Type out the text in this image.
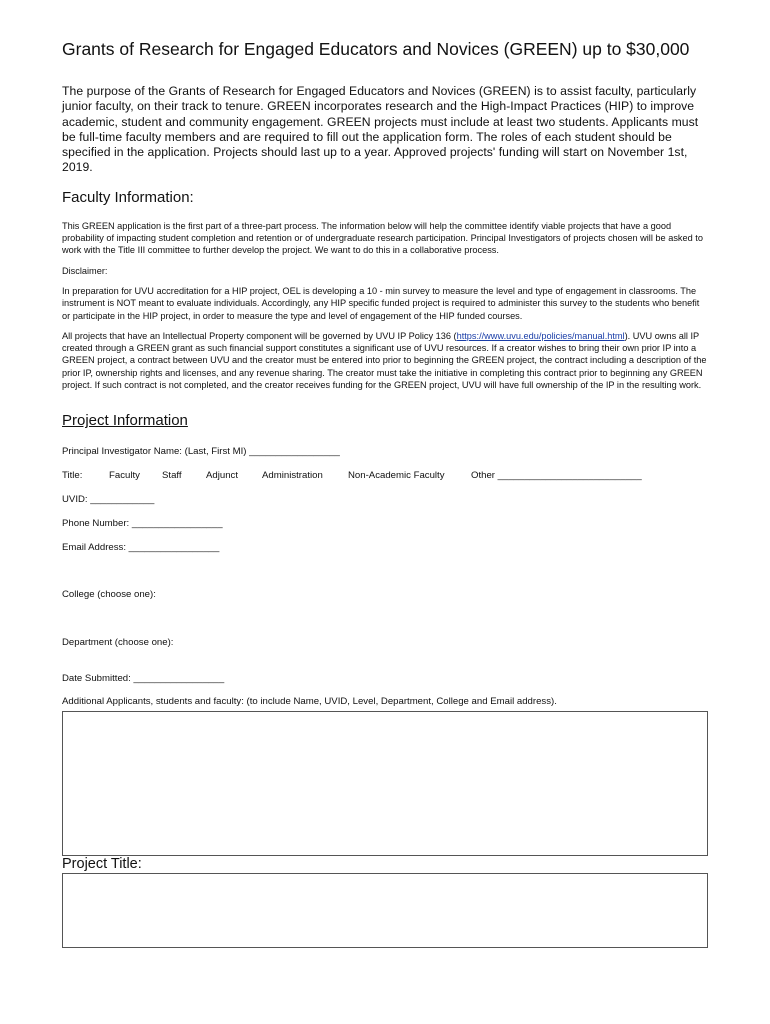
Grants of Research for Engaged Educators and Novices (GREEN) up to $30,000

The purpose of the Grants of Research for Engaged Educators and Novices (GREEN) is to assist faculty, particularly junior faculty, on their track to tenure. GREEN incorporates research and the High-Impact Practices (HIP) to improve academic, student and community engagement. GREEN projects must include at least two students. Applicants must be full-time faculty members and are required to fill out the application form. The roles of each student should be specified in the application. Projects should last up to a year. Approved projects' funding will start on November 1st, 2019.

Faculty Information:

This GREEN application is the first part of a three-part process. The information below will help the committee identify viable projects that have a good probability of impacting student completion and retention or of undergraduate research participation. Principal Investigators of projects chosen will be asked to work with the Title III committee to further develop the project. We want to do this in a collaborative process.

Disclaimer:

In preparation for UVU accreditation for a HIP project, OEL is developing a 10 - min survey to measure the level and type of engagement in classrooms. The instrument is NOT meant to evaluate individuals. Accordingly, any HIP specific funded project is required to administer this survey to the students who benefit or participate in the HIP project, in order to measure the type and level of engagement of the HIP funded courses.

All projects that have an Intellectual Property component will be governed by UVU IP Policy 136 (https://www.uvu.edu/policies/manual.html). UVU owns all IP created through a GREEN grant as such financial support constitutes a significant use of UVU resources. If a creator wishes to bring their own prior IP into a GREEN project, a contract between UVU and the creator must be entered into prior to beginning the GREEN project, the contract including a description of the prior IP, ownership rights and licenses, and any revenue sharing. The creator must take the initiative in completing this contract prior to beginning any GREEN project. If such contract is not completed, and the creator receives funding for the GREEN project, UVU will have full ownership of the IP in the resulting work.

Project Information

Principal Investigator Name: (Last, First MI) _________________

Title:	Faculty	Staff	Adjunct	Administration	Non-Academic Faculty	Other ___________________________

UVID: ____________

Phone Number: _________________

Email Address: _________________

College (choose one):

Department (choose one):

Date Submitted: _________________

Additional Applicants, students and faculty: (to include Name, UVID, Level, Department, College and Email address).

Project Title:
